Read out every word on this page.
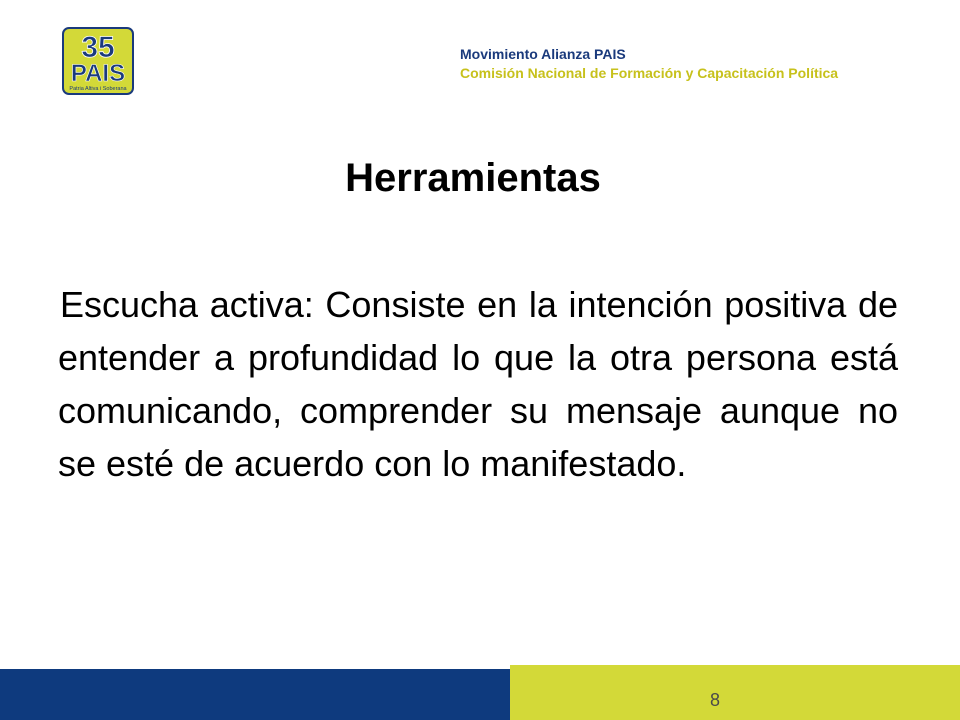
35
PAIS
Patria Altiva i Soberana
Movimiento Alianza PAIS
Comisión Nacional de Formación y Capacitación Política
Herramientas
Escucha activa: Consiste en la intención positiva de entender a profundidad lo que la otra persona está comunicando, comprender su mensaje aunque no se esté de acuerdo con lo manifestado.
8
